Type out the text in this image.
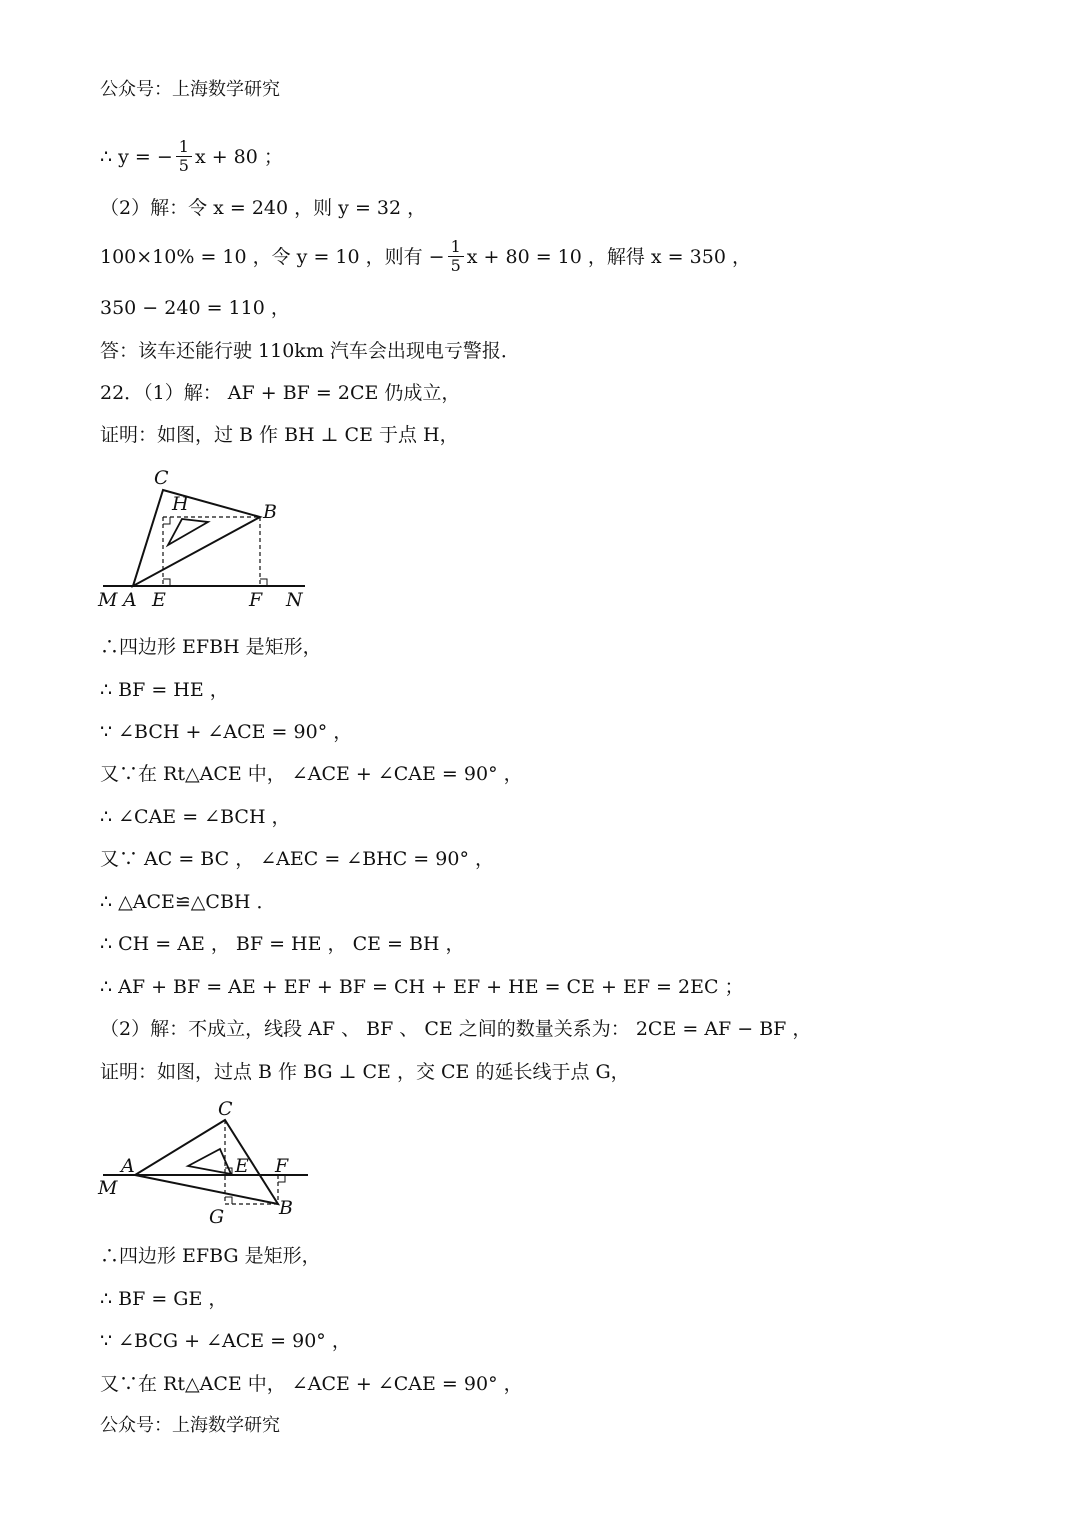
公众号：上海数学研究
∴ y = − $\frac{1}{5}$ x + 80 ；
（2）解：令 x = 240 ，则 y = 32 ，
100×10% = 10 ，令 y = 10 ，则有 − $\frac{1}{5}$ x + 80 = 10 ，解得 x = 350 ，
350 − 240 = 110 ，
答：该车还能行驶 110km 汽车会出现电亏警报．
22．（1）解： AF + BF = 2CE 仍成立，
证明：如图，过 B 作 BH ⊥ CE 于点 H，
C
H	B
M A E	F N
∴四边形 EFBH 是矩形，
∴ BF = HE ，
∵ ∠BCH + ∠ACE = 90° ，
又∵在 Rt△ACE 中， ∠ACE + ∠CAE = 90° ，
∴ ∠CAE = ∠BCH ，
又∵ AC = BC ， ∠AEC = ∠BHC = 90° ，
∴ △ACE≌△CBH ．
∴ CH = AE ， BF = HE ， CE = BH ，
∴ AF + BF = AE + EF + BF = CH + EF + HE = CE + EF = 2EC ；
（2）解：不成立，线段 AF 、 BF 、 CE 之间的数量关系为： 2CE = AF − BF ，
证明：如图，过点 B 作 BG ⊥ CE ，交 CE 的延长线于点 G，
C
A	E F
M
G	B
∴四边形 EFBG 是矩形，
∴ BF = GE ，
∵ ∠BCG + ∠ACE = 90° ，
又∵在 Rt△ACE 中， ∠ACE + ∠CAE = 90° ，
公众号：上海数学研究
